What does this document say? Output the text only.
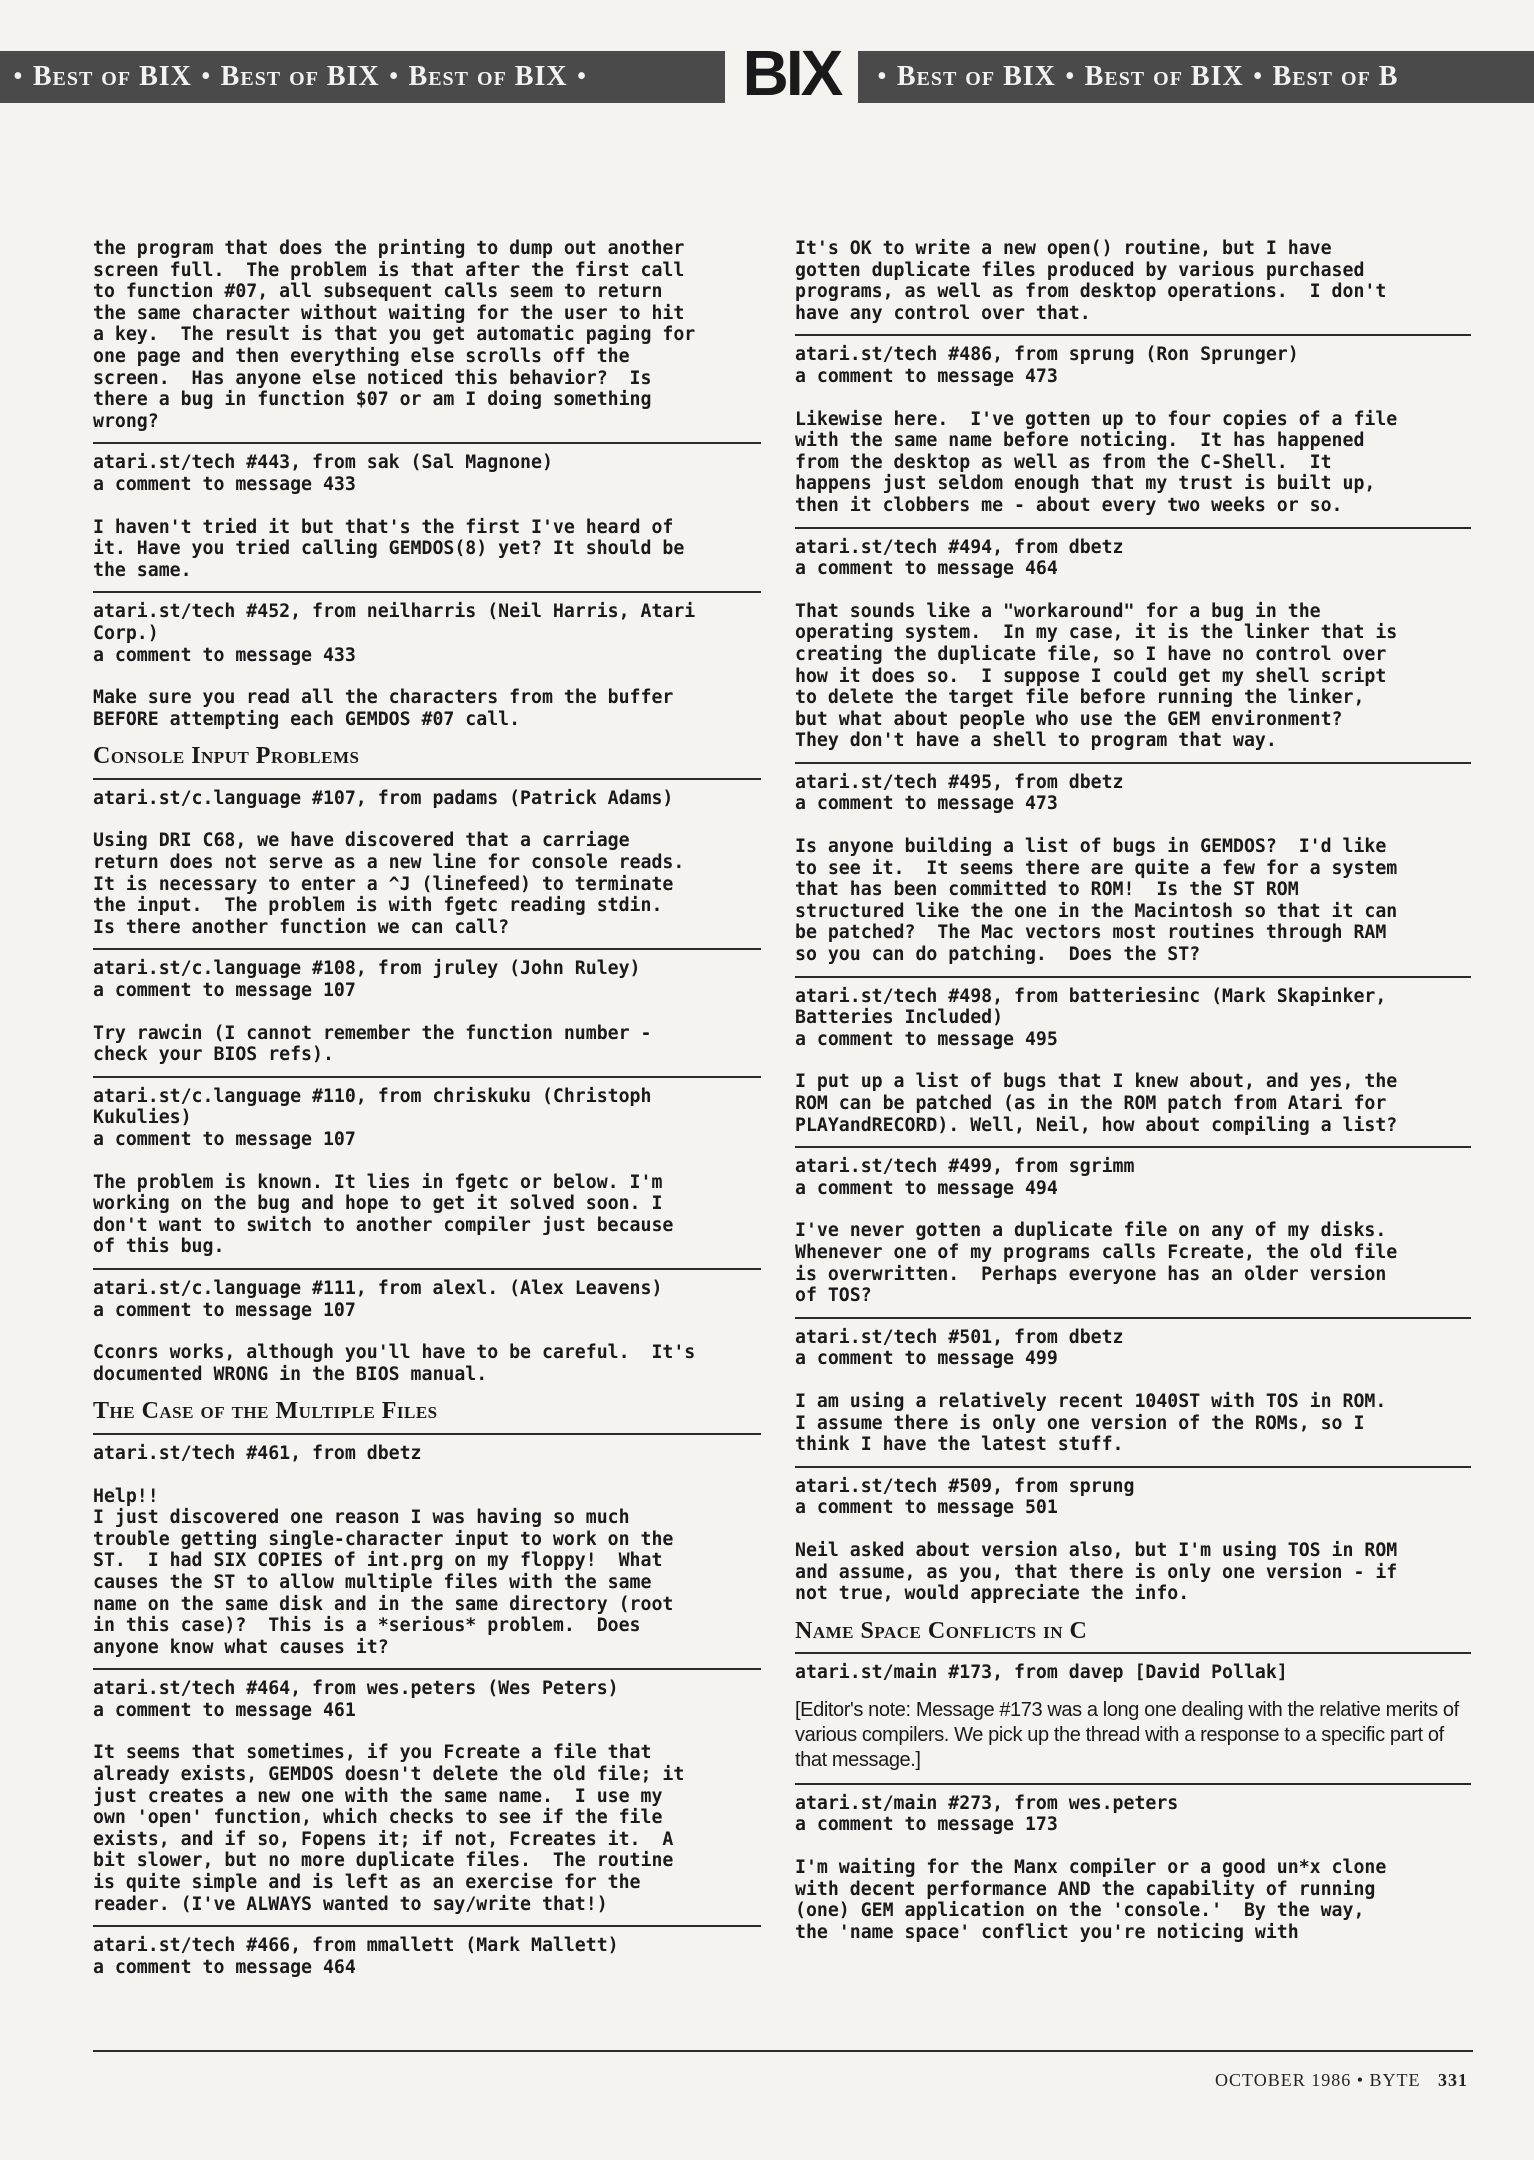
• Best of BIX • Best of BIX • Best of BIX • BIX	• Best of BIX • Best of BIX • Best of B

the program that does the printing to dump out another
screen full.  The problem is that after the first call
to function #07, all subsequent calls seem to return
the same character without waiting for the user to hit
a key.  The result is that you get automatic paging for
one page and then everything else scrolls off the
screen.  Has anyone else noticed this behavior?  Is
there a bug in function $07 or am I doing something
wrong?

atari.st/tech #443, from sak (Sal Magnone)
a comment to message 433

I haven't tried it but that's the first I've heard of
it. Have you tried calling GEMDOS(8) yet? It should be
the same.

atari.st/tech #452, from neilharris (Neil Harris, Atari
Corp.)
a comment to message 433

Make sure you read all the characters from the buffer
BEFORE attempting each GEMDOS #07 call.

Console Input Problems

atari.st/c.language #107, from padams (Patrick Adams)

Using DRI C68, we have discovered that a carriage
return does not serve as a new line for console reads.
It is necessary to enter a ^J (linefeed) to terminate
the input.  The problem is with fgetc reading stdin.
Is there another function we can call?

atari.st/c.language #108, from jruley (John Ruley)
a comment to message 107

Try rawcin (I cannot remember the function number -
check your BIOS refs).

atari.st/c.language #110, from chriskuku (Christoph
Kukulies)
a comment to message 107

The problem is known. It lies in fgetc or below. I'm
working on the bug and hope to get it solved soon. I
don't want to switch to another compiler just because
of this bug.

atari.st/c.language #111, from alexl. (Alex Leavens)
a comment to message 107

Cconrs works, although you'll have to be careful.  It's
documented WRONG in the BIOS manual.

The Case of the Multiple Files

atari.st/tech #461, from dbetz

Help!!
I just discovered one reason I was having so much
trouble getting single-character input to work on the
ST.  I had SIX COPIES of int.prg on my floppy!  What
causes the ST to allow multiple files with the same
name on the same disk and in the same directory (root
in this case)?  This is a *serious* problem.  Does
anyone know what causes it?

atari.st/tech #464, from wes.peters (Wes Peters)
a comment to message 461

It seems that sometimes, if you Fcreate a file that
already exists, GEMDOS doesn't delete the old file; it
just creates a new one with the same name.  I use my
own 'open' function, which checks to see if the file
exists, and if so, Fopens it; if not, Fcreates it.  A
bit slower, but no more duplicate files.  The routine
is quite simple and is left as an exercise for the
reader. (I've ALWAYS wanted to say/write that!)

atari.st/tech #466, from mmallett (Mark Mallett)
a comment to message 464

It's OK to write a new open() routine, but I have
gotten duplicate files produced by various purchased
programs, as well as from desktop operations.  I don't
have any control over that.

atari.st/tech #486, from sprung (Ron Sprunger)
a comment to message 473

Likewise here.  I've gotten up to four copies of a file
with the same name before noticing.  It has happened
from the desktop as well as from the C-Shell.  It
happens just seldom enough that my trust is built up,
then it clobbers me - about every two weeks or so.

atari.st/tech #494, from dbetz
a comment to message 464

That sounds like a "workaround" for a bug in the
operating system.  In my case, it is the linker that is
creating the duplicate file, so I have no control over
how it does so.  I suppose I could get my shell script
to delete the target file before running the linker,
but what about people who use the GEM environment?
They don't have a shell to program that way.

atari.st/tech #495, from dbetz
a comment to message 473

Is anyone building a list of bugs in GEMDOS?  I'd like
to see it.  It seems there are quite a few for a system
that has been committed to ROM!  Is the ST ROM
structured like the one in the Macintosh so that it can
be patched?  The Mac vectors most routines through RAM
so you can do patching.  Does the ST?

atari.st/tech #498, from batteriesinc (Mark Skapinker,
Batteries Included)
a comment to message 495

I put up a list of bugs that I knew about, and yes, the
ROM can be patched (as in the ROM patch from Atari for
PLAYandRECORD). Well, Neil, how about compiling a list?

atari.st/tech #499, from sgrimm
a comment to message 494

I've never gotten a duplicate file on any of my disks.
Whenever one of my programs calls Fcreate, the old file
is overwritten.  Perhaps everyone has an older version
of TOS?

atari.st/tech #501, from dbetz
a comment to message 499

I am using a relatively recent 1040ST with TOS in ROM.
I assume there is only one version of the ROMs, so I
think I have the latest stuff.

atari.st/tech #509, from sprung
a comment to message 501

Neil asked about version also, but I'm using TOS in ROM
and assume, as you, that there is only one version - if
not true, would appreciate the info.

Name Space Conflicts in C

atari.st/main #173, from davep [David Pollak]

[Editor's note: Message #173 was a long one dealing with the relative merits of various compilers. We pick up the thread with a response to a specific part of that message.]

atari.st/main #273, from wes.peters
a comment to message 173

I'm waiting for the Manx compiler or a good un*x clone
with decent performance AND the capability of running
(one) GEM application on the 'console.'  By the way,
the 'name space' conflict you're noticing with

OCTOBER 1986 • BYTE 331
